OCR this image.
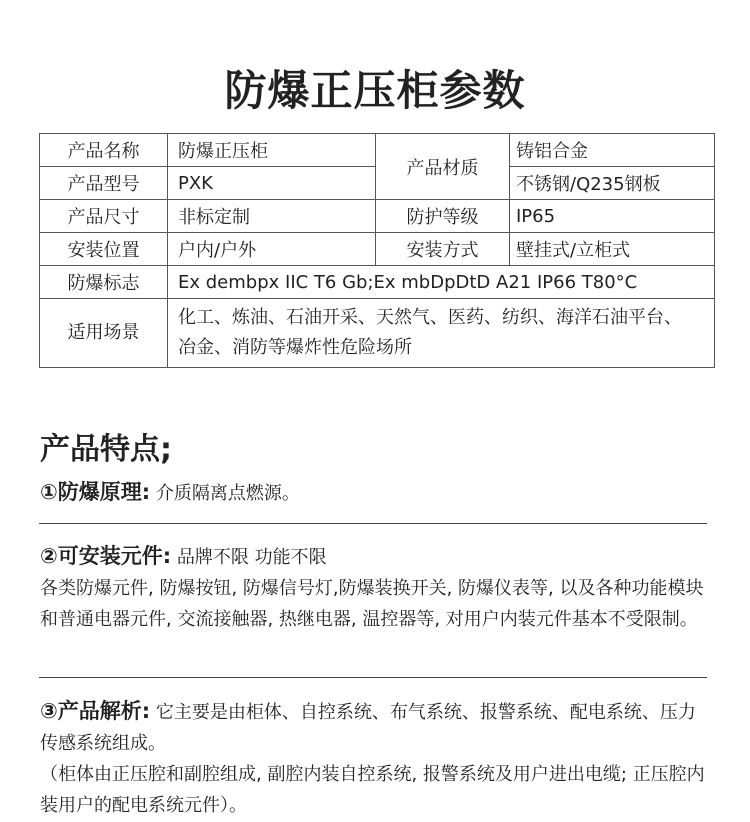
防爆正压柜参数
产品名称	防爆正压柜	产品材质	铸铝合金
产品型号	PXK		不锈钢/Q235钢板
产品尺寸	非标定制	防护等级	IP65
安装位置	户内/户外	安装方式	壁挂式/立柜式
防爆标志	Ex dembpx IIC T6 Gb;Ex mbDpDtD A21 IP66 T80°C		
适用场景	化工、炼油、石油开采、天然气、医药、纺织、海洋石油平台、
冶金、消防等爆炸性危险场所		
产品特点;
①防爆原理: 介质隔离点燃源。
②可安装元件: 品牌不限 功能不限
各类防爆元件, 防爆按钮, 防爆信号灯,防爆装换开关, 防爆仪表等, 以及各种功能模块和普通电器元件, 交流接触器, 热继电器, 温控器等, 对用户内装元件基本不受限制。
③产品解析: 它主要是由柜体、自控系统、布气系统、报警系统、配电系统、压力传感系统组成。
（柜体由正压腔和副腔组成, 副腔内装自控系统, 报警系统及用户进出电缆; 正压腔内装用户的配电系统元件）。
